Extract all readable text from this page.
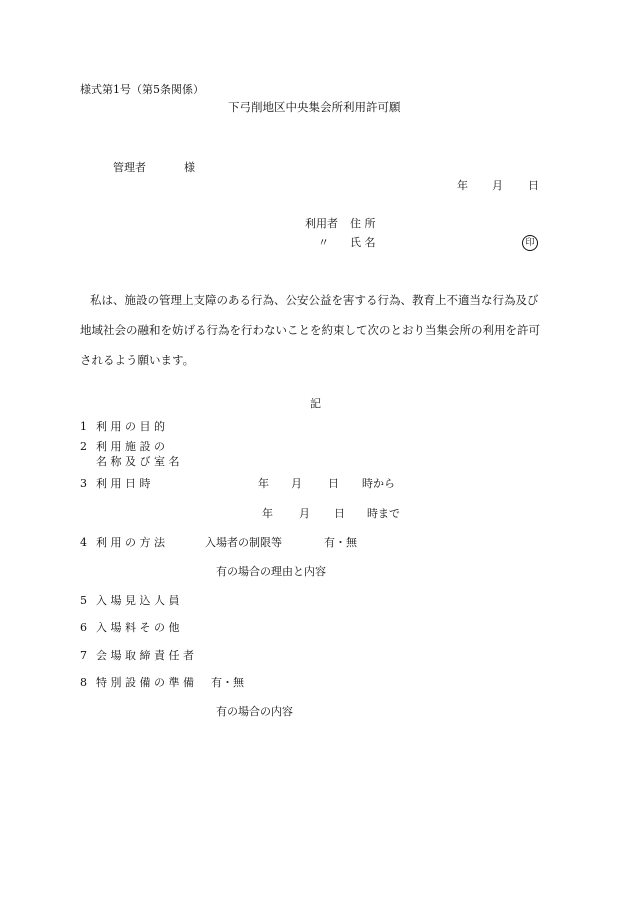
様式第1号（第5条関係）
下弓削地区中央集会所利用許可願
管理者	様
年 月 日
利用者 住 所
〃 氏 名	印
私は、施設の管理上支障のある行為、公安公益を害する行為、教育上不適当な行為及び
地域社会の融和を妨げる行為を行わないことを約束して次のとおり当集会所の利用を許可
されるよう願います。
記
1 利 用 の 目 的
2 利 用 施 設 の
名 称 及 び 室 名
3 利 用 日 時	年 月 日 時から
年 月 日 時まで
4 利 用 の 方 法	入場者の制限等	有・無
有の場合の理由と内容
5 入 場 見 込 人 員
6 入 場 料 そ の 他
7 会 場 取 締 責 任 者
8 特 別 設 備 の 準 備 有・無
有の場合の内容
